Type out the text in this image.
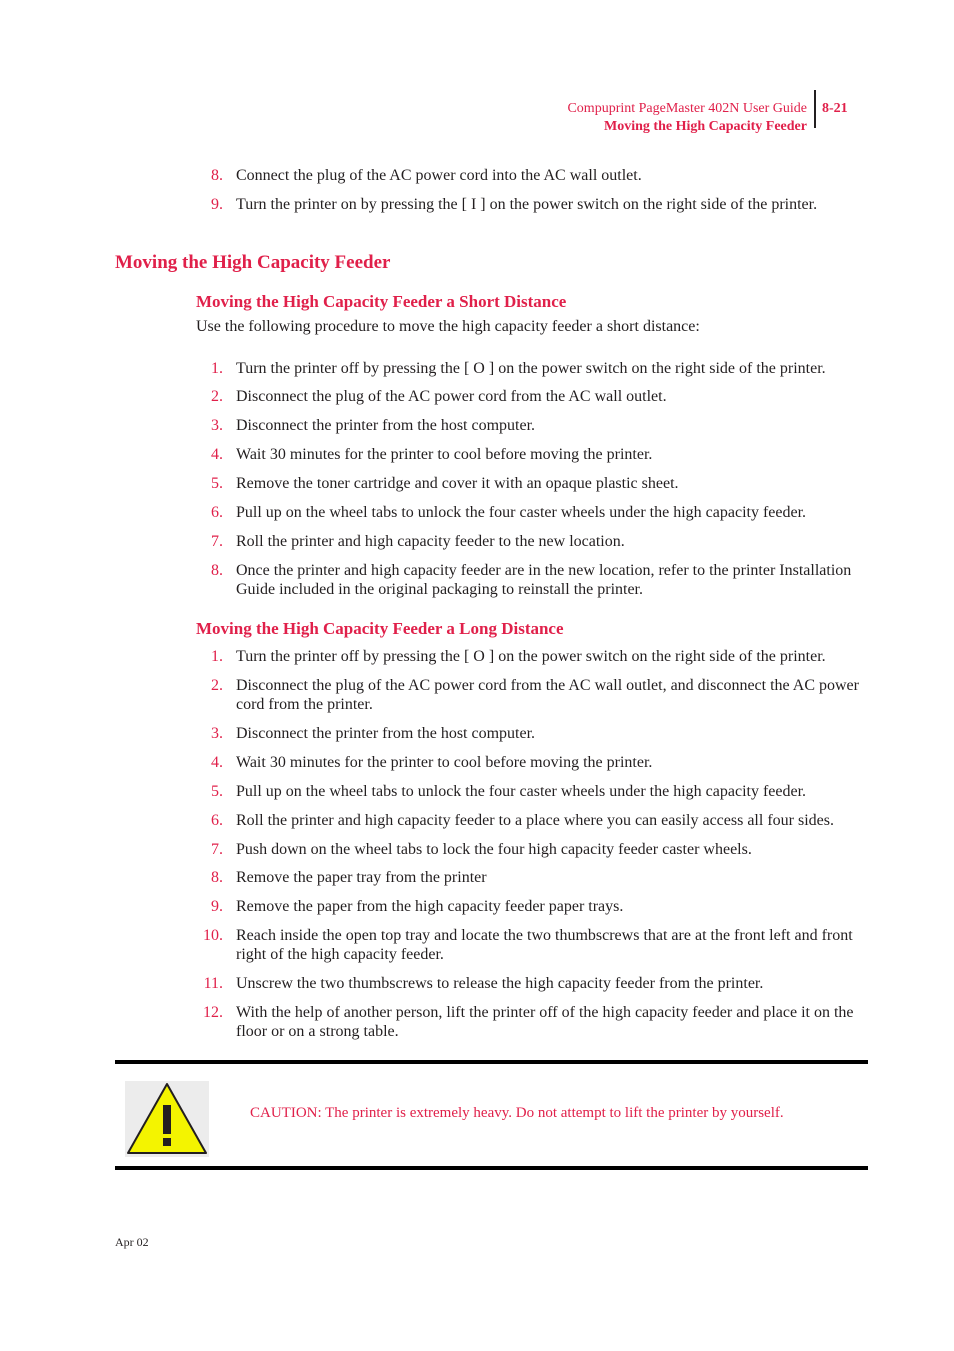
Compuprint PageMaster 402N User Guide
Moving the High Capacity Feeder
8-21
8. Connect the plug of the AC power cord into the AC wall outlet.
9. Turn the printer on by pressing the [ I ] on the power switch on the right side of the printer.
Moving the High Capacity Feeder
Moving the High Capacity Feeder a Short Distance
Use the following procedure to move the high capacity feeder a short distance:
1. Turn the printer off by pressing the [ O ] on the power switch on the right side of the printer.
2. Disconnect the plug of the AC power cord from the AC wall outlet.
3. Disconnect the printer from the host computer.
4. Wait 30 minutes for the printer to cool before moving the printer.
5. Remove the toner cartridge and cover it with an opaque plastic sheet.
6. Pull up on the wheel tabs to unlock the four caster wheels under the high capacity feeder.
7. Roll the printer and high capacity feeder to the new location.
8. Once the printer and high capacity feeder are in the new location, refer to the printer Installation Guide included in the original packaging to reinstall the printer.
Moving the High Capacity Feeder a Long Distance
1. Turn the printer off by pressing the [ O ] on the power switch on the right side of the printer.
2. Disconnect the plug of the AC power cord from the AC wall outlet, and disconnect the AC power cord from the printer.
3. Disconnect the printer from the host computer.
4. Wait 30 minutes for the printer to cool before moving the printer.
5. Pull up on the wheel tabs to unlock the four caster wheels under the high capacity feeder.
6. Roll the printer and high capacity feeder to a place where you can easily access all four sides.
7. Push down on the wheel tabs to lock the four high capacity feeder caster wheels.
8. Remove the paper tray from the printer
9. Remove the paper from the high capacity feeder paper trays.
10. Reach inside the open top tray and locate the two thumbscrews that are at the front left and front right of the high capacity feeder.
11. Unscrew the two thumbscrews to release the high capacity feeder from the printer.
12. With the help of another person, lift the printer off of the high capacity feeder and place it on the floor or on a strong table.
CAUTION: The printer is extremely heavy. Do not attempt to lift the printer by yourself.
Apr 02
